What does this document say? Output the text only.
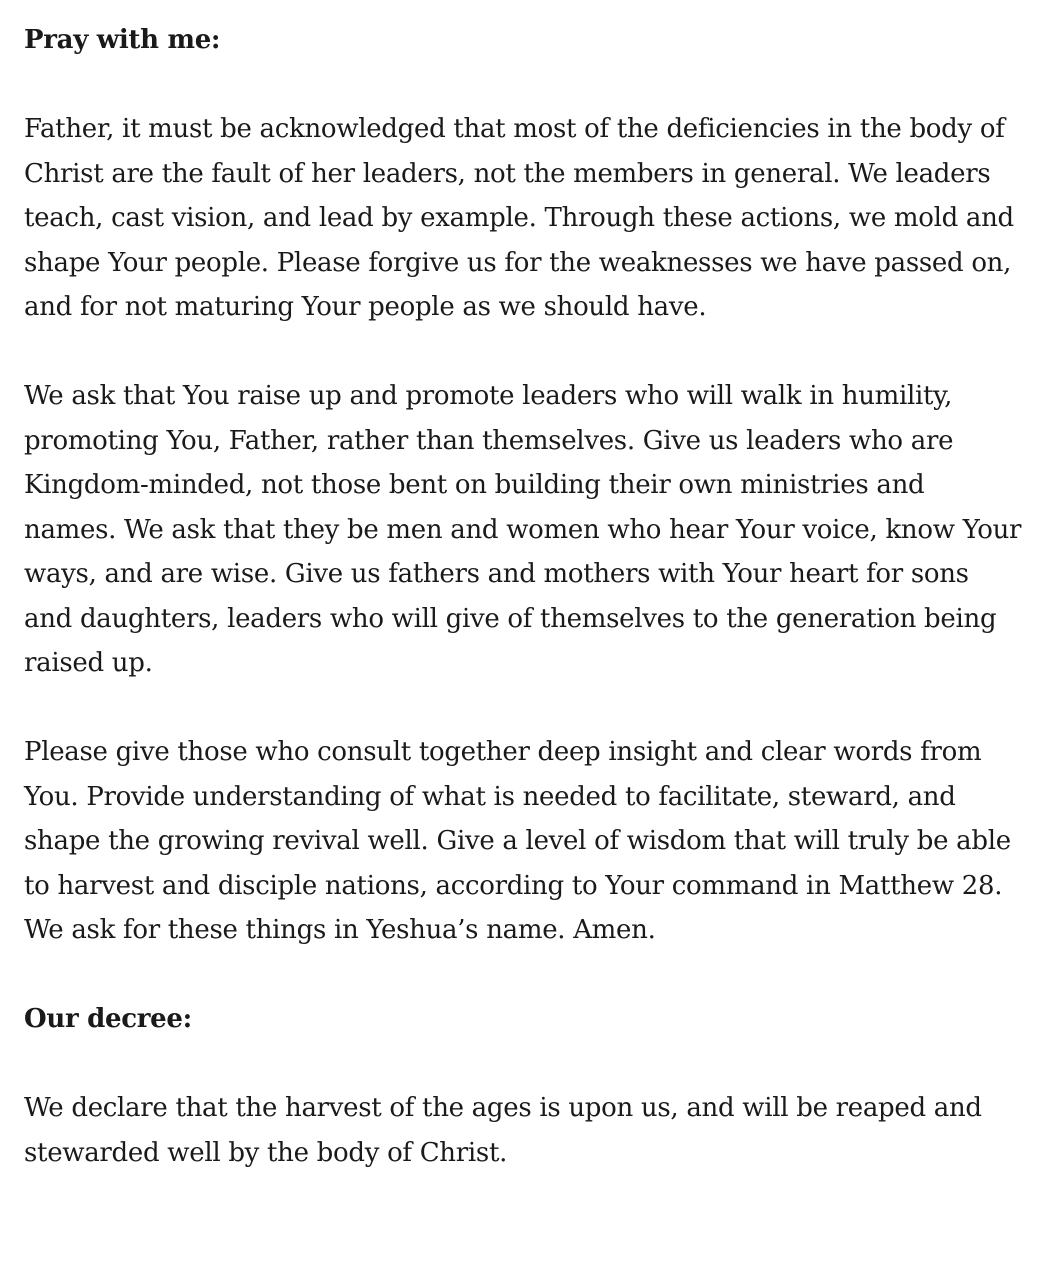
Pray with me:

Father, it must be acknowledged that most of the deficiencies in the body of Christ are the fault of her leaders, not the members in general. We leaders teach, cast vision, and lead by example. Through these actions, we mold and shape Your people. Please forgive us for the weaknesses we have passed on, and for not maturing Your people as we should have.

We ask that You raise up and promote leaders who will walk in humility, promoting You, Father, rather than themselves. Give us leaders who are Kingdom-minded, not those bent on building their own ministries and names. We ask that they be men and women who hear Your voice, know Your ways, and are wise. Give us fathers and mothers with Your heart for sons and daughters, leaders who will give of themselves to the generation being raised up.

Please give those who consult together deep insight and clear words from You. Provide understanding of what is needed to facilitate, steward, and shape the growing revival well. Give a level of wisdom that will truly be able to harvest and disciple nations, according to Your command in Matthew 28. We ask for these things in Yeshua’s name. Amen.

Our decree:

We declare that the harvest of the ages is upon us, and will be reaped and stewarded well by the body of Christ.
